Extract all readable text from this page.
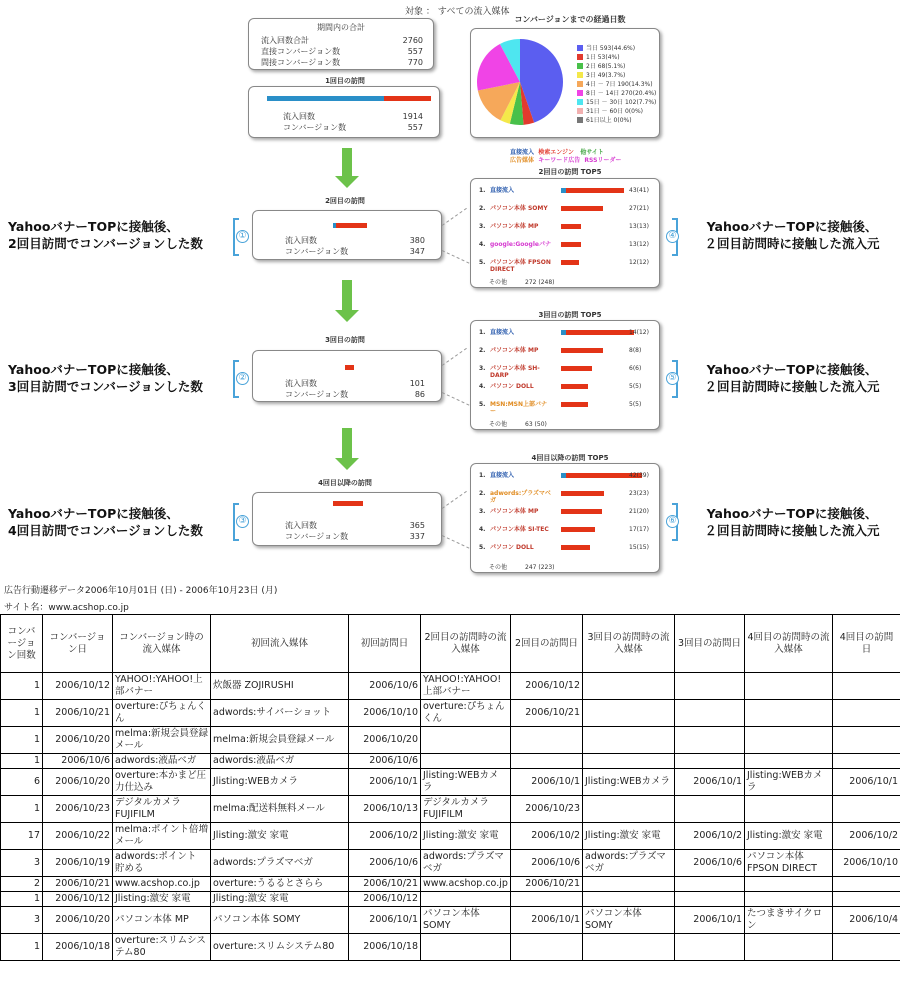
対象 ： すべての流入媒体
期間内の合計
流入回数合計	2760
直接コンバージョン数	557
間接コンバージョン数	770
1回目の訪問
流入回数	1914
コンバージョン数	557
2回目の訪問
流入回数	380
コンバージョン数	347
3回目の訪問
流入回数	101
コンバージョン数	86
4回目以降の訪問
流入回数	365
コンバージョン数	337
コンバージョンまでの経過日数
当日 593(44.6%)
1日 53(4%)
2日 68(5.1%)
3日 49(3.7%)
4日 － 7日 190(14.3%)
8日 － 14日 270(20.4%)
15日 － 30日 102(7.7%)
31日 － 60日 0(0%)
61日以上 0(0%)
直接流入 検索エンジン 他サイト
広告媒体 キーワード広告 RSSリーダー
2回目の訪問 TOP5
1. 直接流入	43(41)
2. パソコン本体 SOMY	27(21)
3. パソコン本体 MP	13(13)
4. google:Googleパナ	13(12)
5. パソコン本体 FPSON DIRECT
12(12)
その他	272 (248)
3回目の訪問 TOP5
1. 直接流入	14(12)
2. パソコン本体 MP	8(8)
3. パソコン本体 SH-DARP
6(6)
4. パソコン DOLL	5(5)
5. MSN:MSN上部バナー
5(5)
その他	63 (50)
4回目以降の訪問 TOP5
1. 直接流入	42(39)
2. adwords:プラズマベガ
23(23)
3. パソコン本体 MP	21(20)
4. パソコン本体 SI-TEC	17(17)
5. パソコン DOLL	15(15)
その他	247 (223)
YahooバナーTOPに接触後、
2回目訪問でコンバージョンした数	①
YahooバナーTOPに接触後、
3回目訪問でコンバージョンした数
②
YahooバナーTOPに接触後、
4回目訪問でコンバージョンした数
③
④
YahooバナーTOPに接触後、
２回目訪問時に接触した流入元
⑤
YahooバナーTOPに接触後、
２回目訪問時に接触した流入元
⑥	YahooバナーTOPに接触後、
２回目訪問時に接触した流入元
広告行動遷移データ2006年10月01日 (日) - 2006年10月23日 (月)
サイト名：www.acshop.co.jp
コンバージョン回数	コンバージョン日	コンバージョン時の流入媒体	初回流入媒体	初回訪問日	2回目の訪問時の流入媒体	2回目の訪問日	3回目の訪問時の流入媒体	3回目の訪問日	4回目の訪問時の流入媒体	4回目の訪問日
1	2006/10/12	YAHOO!:YAHOO!上部バナー	炊飯器 ZOJIRUSHI	2006/10/6	YAHOO!:YAHOO!上部バナー	2006/10/12				
1	2006/10/21	overture:ぴちょんくん	adwords:サイバーショット	2006/10/10	overture:ぴちょんくん	2006/10/21				
1	2006/10/20	melma:新規会員登録メール	melma:新規会員登録メール	2006/10/20						
1	2006/10/6	adwords:液晶ベガ	adwords:液晶ベガ	2006/10/6						
6	2006/10/20	overture:本かまど圧力仕込み	Jlisting:WEBカメラ	2006/10/1	Jlisting:WEBカメラ	2006/10/1	Jlisting:WEBカメラ	2006/10/1	Jlisting:WEBカメラ	2006/10/1
1	2006/10/23	デジタルカメラ FUJIFILM	melma:配送料無料メール	2006/10/13	デジタルカメラ FUJIFILM	2006/10/23				
17	2006/10/22	melma:ポイント倍増メール	Jlisting:激安 家電	2006/10/2	Jlisting:激安 家電	2006/10/2	Jlisting:激安 家電	2006/10/2	Jlisting:激安 家電	2006/10/2
3	2006/10/19	adwords:ポイント 貯める	adwords:プラズマベガ	2006/10/6	adwords:プラズマベガ	2006/10/6	adwords:プラズマベガ	2006/10/6	パソコン本体 FPSON DIRECT	2006/10/10
2	2006/10/21	www.acshop.co.jp	overture:うるるとさらら	2006/10/21	www.acshop.co.jp	2006/10/21				
1	2006/10/12	Jlisting:激安 家電	Jlisting:激安 家電	2006/10/12						
3	2006/10/20	パソコン本体 MP	パソコン本体 SOMY	2006/10/1	パソコン本体 SOMY	2006/10/1	パソコン本体 SOMY	2006/10/1	たつまきサイクロン	2006/10/4
1	2006/10/18	overture:スリムシステム80	overture:スリムシステム80	2006/10/18						
